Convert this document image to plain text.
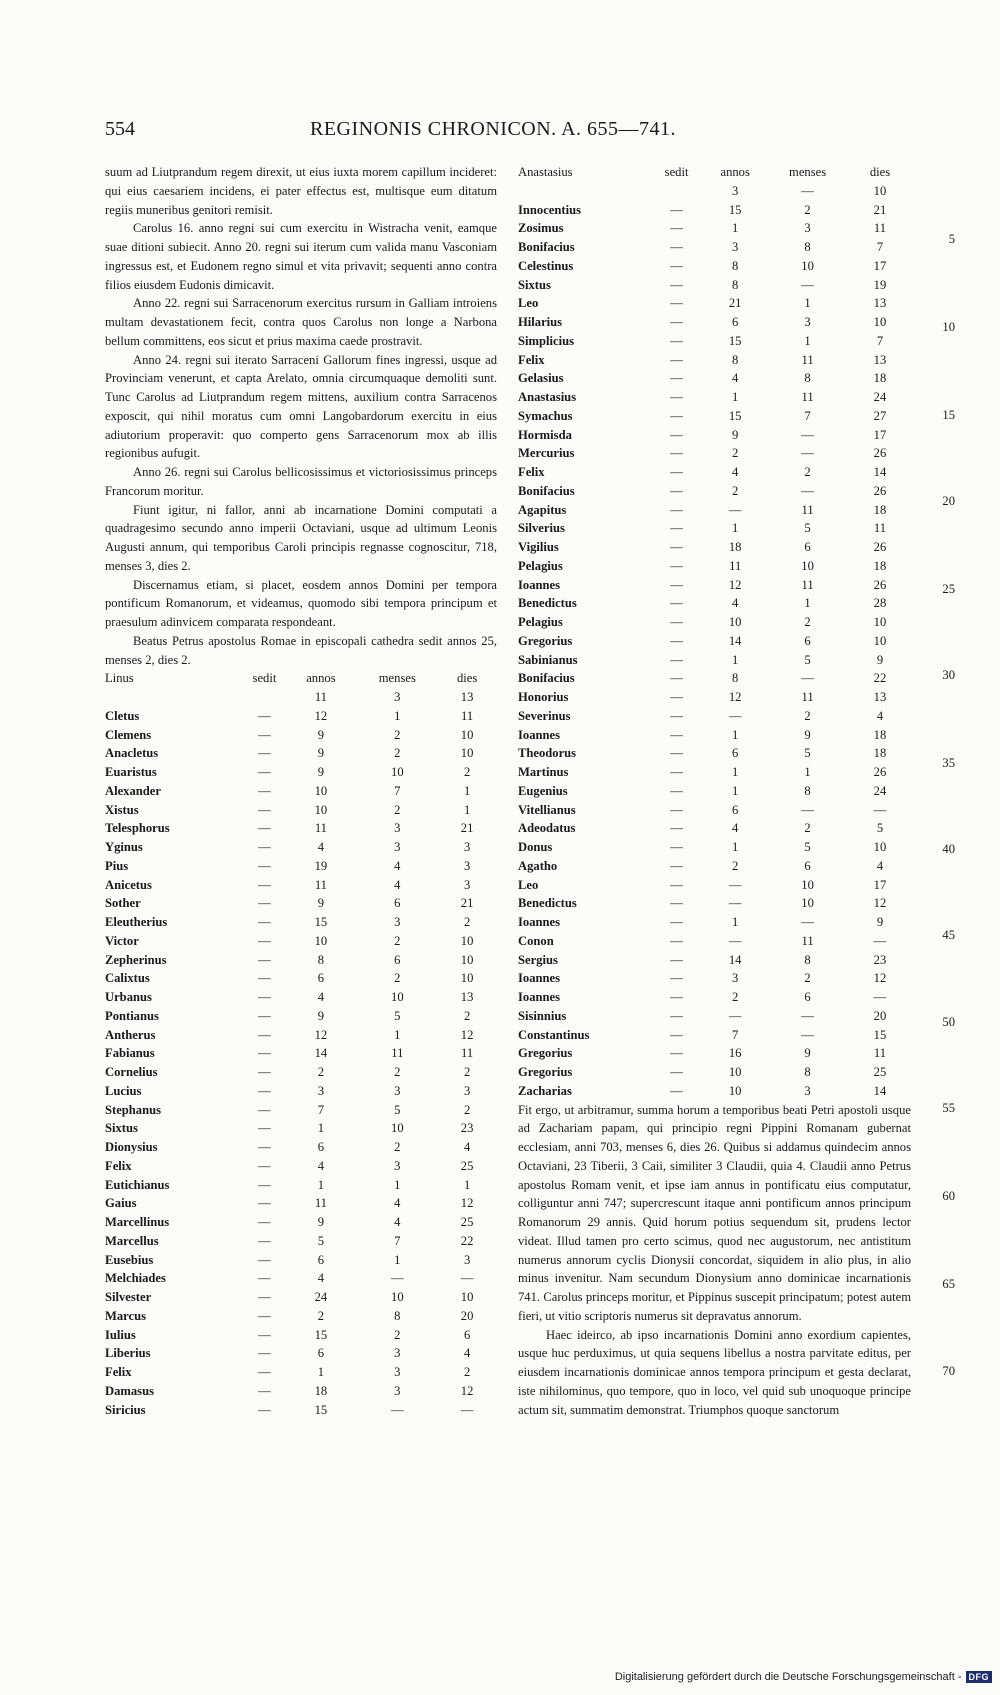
554	REGINONIS CHRONICON. A. 655—741.

suum ad Liutprandum regem direxit, ut eius iuxta morem capillum incideret: qui eius caesariem incidens, ei pater effectus est, multisque eum ditatum regiis muneribus genitori remisit.

Carolus 16. anno regni sui cum exercitu in Wistracha venit, eamque suae ditioni subiecit. Anno 20. regni sui iterum cum valida manu Vasconiam ingressus est, et Eudonem regno simul et vita privavit; sequenti anno contra filios eiusdem Eudonis dimicavit.

Anno 22. regni sui Sarracenorum exercitus rursum in Galliam introiens multam devastationem fecit, contra quos Carolus non longe a Narbona bellum committens, eos sicut et prius maxima caede prostravit.

Anno 24. regni sui iterato Sarraceni Gallorum fines ingressi, usque ad Provinciam venerunt, et capta Arelato, omnia circumquaque demoliti sunt. Tunc Carolus ad Liutprandum regem mittens, auxilium contra Sarracenos exposcit, qui nihil moratus cum omni Langobardorum exercitu in eius adiutorium properavit: quo comperto gens Sarracenorum mox ab illis regionibus aufugit.

Anno 26. regni sui Carolus bellicosissimus et victoriosissimus princeps Francorum moritur.

Fiunt igitur, ni fallor, anni ab incarnatione Domini computati a quadragesimo secundo anno imperii Octaviani, usque ad ultimum Leonis Augusti annum, qui temporibus Caroli principis regnasse cognoscitur, 718, menses 3, dies 2.

Discernamus etiam, si placet, eosdem annos Domini per tempora pontificum Romanorum, et videamus, quomodo sibi tempora principum et praesulum adinvicem comparata respondeant.

Beatus Petrus apostolus Romae in episcopali cathedra sedit annos 25, menses 2, dies 2.

Linus	sedit	annos	menses	dies
		11	3	13
Cletus	—	12	1	11
Clemens	—	9	2	10
Anacletus	—	9	2	10
Euaristus	—	9	10	2
Alexander	—	10	7	1
Xistus	—	10	2	1
Telesphorus	—	11	3	21
Yginus	—	4	3	3
Pius	—	19	4	3
Anicetus	—	11	4	3
Sother	—	9	6	21
Eleutherius	—	15	3	2
Victor	—	10	2	10
Zepherinus	—	8	6	10
Calixtus	—	6	2	10
Urbanus	—	4	10	13
Pontianus	—	9	5	2
Antherus	—	12	1	12
Fabianus	—	14	11	11
Cornelius	—	2	2	2
Lucius	—	3	3	3
Stephanus	—	7	5	2
Sixtus	—	1	10	23
Dionysius	—	6	2	4
Felix	—	4	3	25
Eutichianus	—	1	1	1
Gaius	—	11	4	12
Marcellinus	—	9	4	25
Marcellus	—	5	7	22
Eusebius	—	6	1	3
Melchiades	—	4	—	—
Silvester	—	24	10	10
Marcus	—	2	8	20
Iulius	—	15	2	6
Liberius	—	6	3	4
Felix	—	1	3	2
Damasus	—	18	3	12
Siricius	—	15	—	—
Anastasius	sedit	annos	menses	dies
		3	—	10
Innocentius	—	15	2	21
Zosimus	—	1	3	11
Bonifacius	—	3	8	7
Celestinus	—	8	10	17
Sixtus	—	8	—	19
Leo	—	21	1	13
Hilarius	—	6	3	10
Simplicius	—	15	1	7
Felix	—	8	11	13
Gelasius	—	4	8	18
Anastasius	—	1	11	24
Symachus	—	15	7	27
Hormisda	—	9	—	17
Mercurius	—	2	—	26
Felix	—	4	2	14
Bonifacius	—	2	—	26
Agapitus	—	—	11	18
Silverius	—	1	5	11
Vigilius	—	18	6	26
Pelagius	—	11	10	18
Ioannes	—	12	11	26
Benedictus	—	4	1	28
Pelagius	—	10	2	10
Gregorius	—	14	6	10
Sabinianus	—	1	5	9
Bonifacius	—	8	—	22
Honorius	—	12	11	13
Severinus	—	—	2	4
Ioannes	—	1	9	18
Theodorus	—	6	5	18
Martinus	—	1	1	26
Eugenius	—	1	8	24
Vitellianus	—	6	—	—
Adeodatus	—	4	2	5
Donus	—	1	5	10
Agatho	—	2	6	4
Leo	—	—	10	17
Benedictus	—	—	10	12
Ioannes	—	1	—	9
Conon	—	—	11	—
Sergius	—	14	8	23
Ioannes	—	3	2	12
Ioannes	—	2	6	—
Sisinnius	—	—	—	20
Constantinus	—	7	—	15
Gregorius	—	16	9	11
Gregorius	—	10	8	25
Zacharias	—	10	3	14

Fit ergo, ut arbitramur, summa horum a temporibus beati Petri apostoli usque ad Zachariam papam, qui principio regni Pippini Romanam gubernat ecclesiam, anni 703, menses 6, dies 26. Quibus si addamus quindecim annos Octaviani, 23 Tiberii, 3 Caii, similiter 3 Claudii, quia 4. Claudii anno Petrus apostolus Romam venit, et ipse iam annus in pontificatu eius computatur, colliguntur anni 747; supercrescunt itaque anni pontificum annos principum Romanorum 29 annis. Quid horum potius sequendum sit, prudens lector videat. Illud tamen pro certo scimus, quod nec augustorum, nec antistitum numerus annorum cyclis Dionysii concordat, siquidem in alio plus, in alio minus invenitur. Nam secundum Dionysium anno dominicae incarnationis 741. Carolus princeps moritur, et Pippinus suscepit principatum; potest autem fieri, ut vitio scriptoris numerus sit depravatus annorum.

Haec ideirco, ab ipso incarnationis Domini anno exordium capientes, usque huc perduximus, ut quia sequens libellus a nostra parvitate editus, per eiusdem incarnationis dominicae annos tempora principum et gesta declarat, iste nihilominus, quo tempore, quo in loco, vel quid sub unoquoque principe actum sit, summatim demonstrat. Triumphos quoque sanctorum

5
10
15
20
25
30
35
40
45
50
55
60
65
70
Digitalisierung gefördert durch die Deutsche Forschungsgemeinschaft - DFG
